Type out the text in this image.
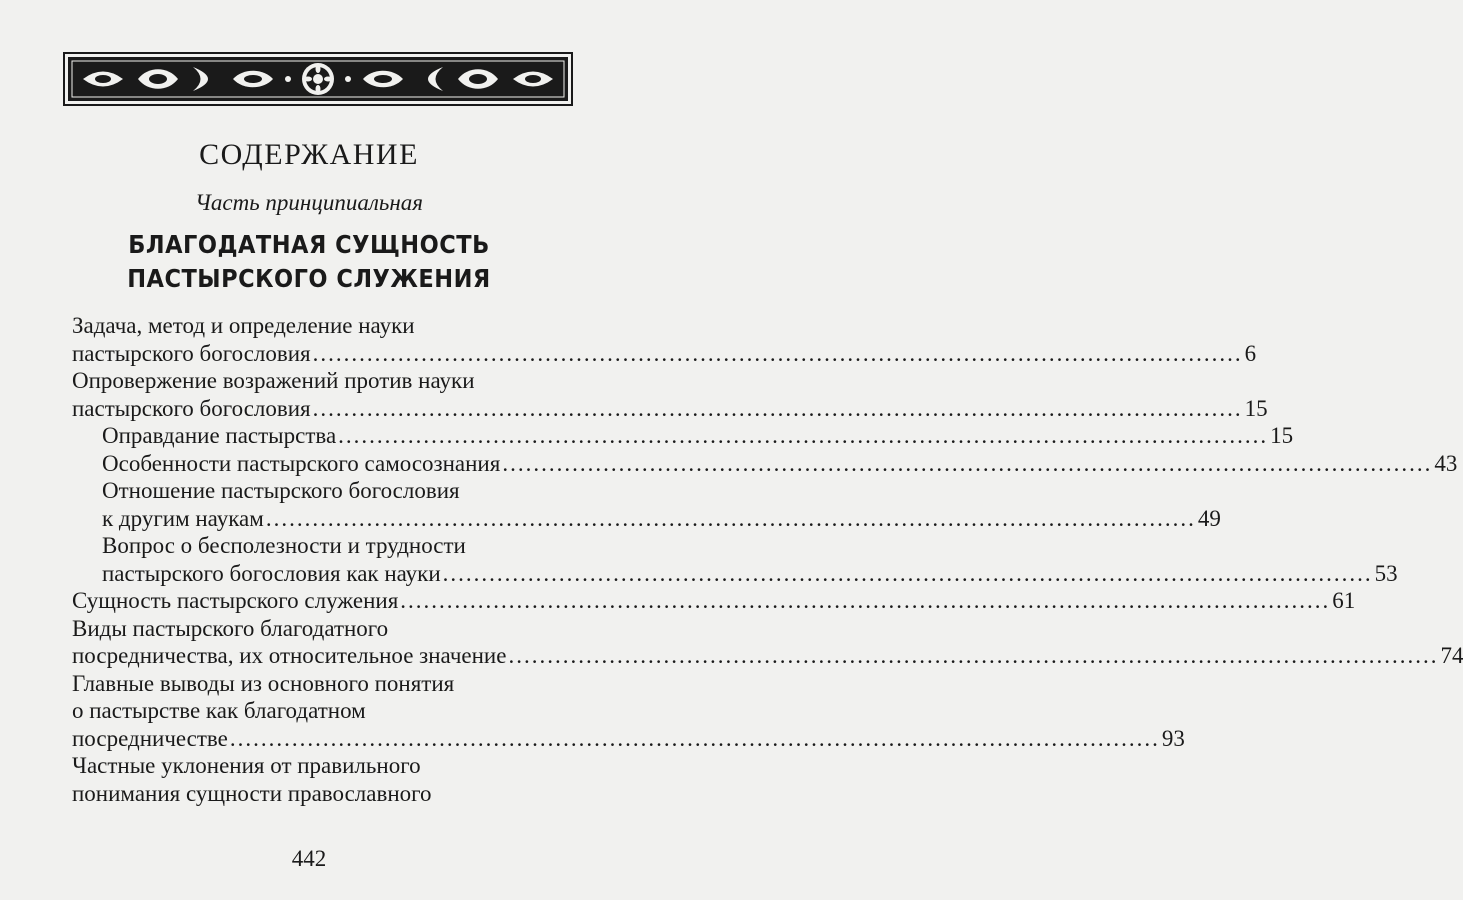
СОДЕРЖАНИЕ
Часть принципиальная
БЛАГОДАТНАЯ СУЩНОСТЬ
ПАСТЫРСКОГО СЛУЖЕНИЯ
Задача, метод и определение науки
пастырского богословия ........................................................................................................................ 6
Опровержение возражений против науки
пастырского богословия ........................................................................................................................ 15
Оправдание пастырства ........................................................................................................................ 15
Особенности пастырского самосознания ........................................................................................................................ 43
Отношение пастырского богословия
к другим наукам ........................................................................................................................ 49
Вопрос о бесполезности и трудности
пастырского богословия как науки ........................................................................................................................ 53
Сущность пастырского служения ........................................................................................................................ 61
Виды пастырского благодатного
посредничества, их относительное значение ........................................................................................................................ 74
Главные выводы из основного понятия
о пастырстве как благодатном
посредничестве ........................................................................................................................ 93
Частные уклонения от правильного
понимания сущности православного
442
